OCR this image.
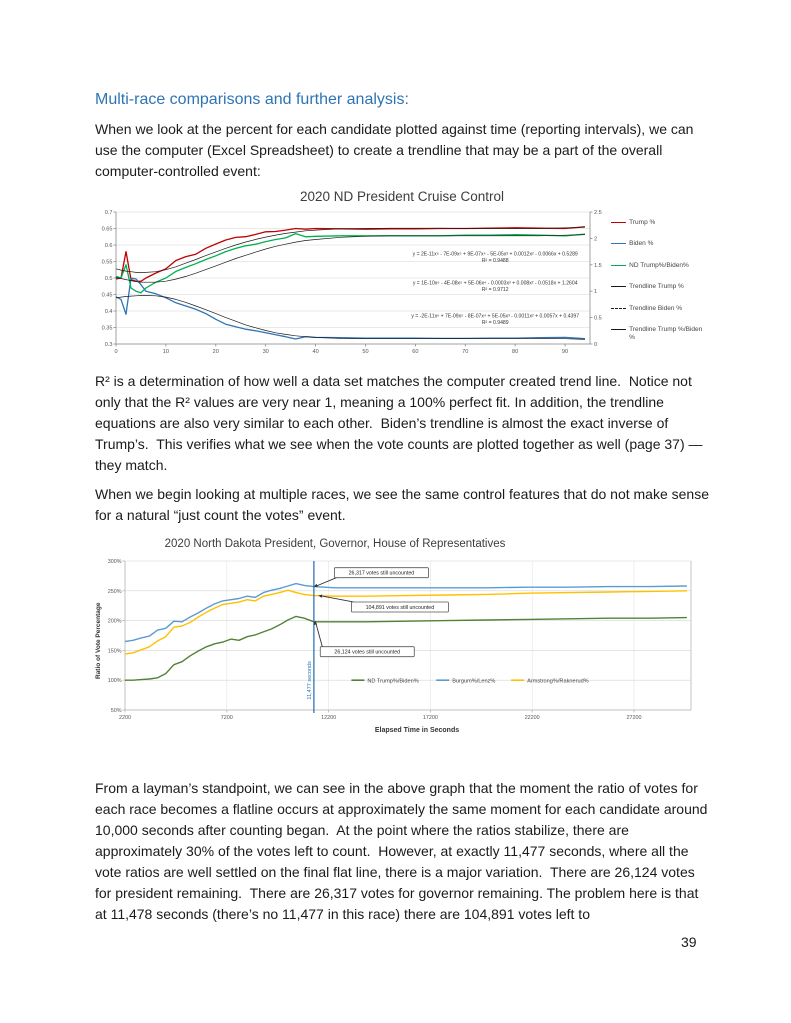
Multi-race comparisons and further analysis:
When we look at the percent for each candidate plotted against time (reporting intervals), we can use the computer (Excel Spreadsheet) to create a trendline that may be a part of the overall computer-controlled event:
2020 ND President Cruise Control
0.3
0.35
0.4
0.45
0.5
0.55
0.6
0.65
0.7
0
0.5
1
1.5
2
2.5
0	10	20	30	40	50	60	70	80	90
y = 2E-11x⁶ - 7E-09x⁵ + 9E-07x⁴ - 5E-05x³ + 0.0012x² - 0.0066x + 0.5289
R² = 0.9488
y = 1E-10x⁶ - 4E-08x⁵ + 5E-06x⁴ - 0.0003x³ + 0.008x² - 0.0518x + 1.2604
R² = 0.9712
y = -2E-11x⁶ + 7E-09x⁵ - 8E-07x⁴ + 5E-05x³ - 0.0011x² + 0.0057x + 0.4397
R² = 0.9489
Trump %
Biden %
ND Trump%/Biden%
Trendline Trump %
Trendline Biden %
Trendline Trump %/Biden %
R² is a determination of how well a data set matches the computer created trend line.  Notice not only that the R² values are very near 1, meaning a 100% perfect fit. In addition, the trendline equations are also very similar to each other.  Biden’s trendline is almost the exact inverse of Trump’s.  This verifies what we see when the vote counts are plotted together as well (page 37) — they match.
When we begin looking at multiple races, we see the same control features that do not make sense for a natural “just count the votes” event.
2020 North Dakota President, Governor, House of Representatives
Ratio of Vote Percentage
50%
100%
150%
200%
250%
300%
2200	7200	12200	17200	22200	27200
11,477 seconds
26,317 votes still uncounted
104,891 votes still uncounted
26,124 votes still uncounted
ND Trump%/Biden%	Burgum%/Lenz%	Armstrong%/Raknerud%
Elapsed Time in Seconds
From a layman’s standpoint, we can see in the above graph that the moment the ratio of votes for each race becomes a flatline occurs at approximately the same moment for each candidate around 10,000 seconds after counting began.  At the point where the ratios stabilize, there are approximately 30% of the votes left to count.  However, at exactly 11,477 seconds, where all the vote ratios are well settled on the final flat line, there is a major variation.  There are 26,124 votes for president remaining.  There are 26,317 votes for governor remaining. The problem here is that at 11,478 seconds (there’s no 11,477 in this race) there are 104,891 votes left to
39
